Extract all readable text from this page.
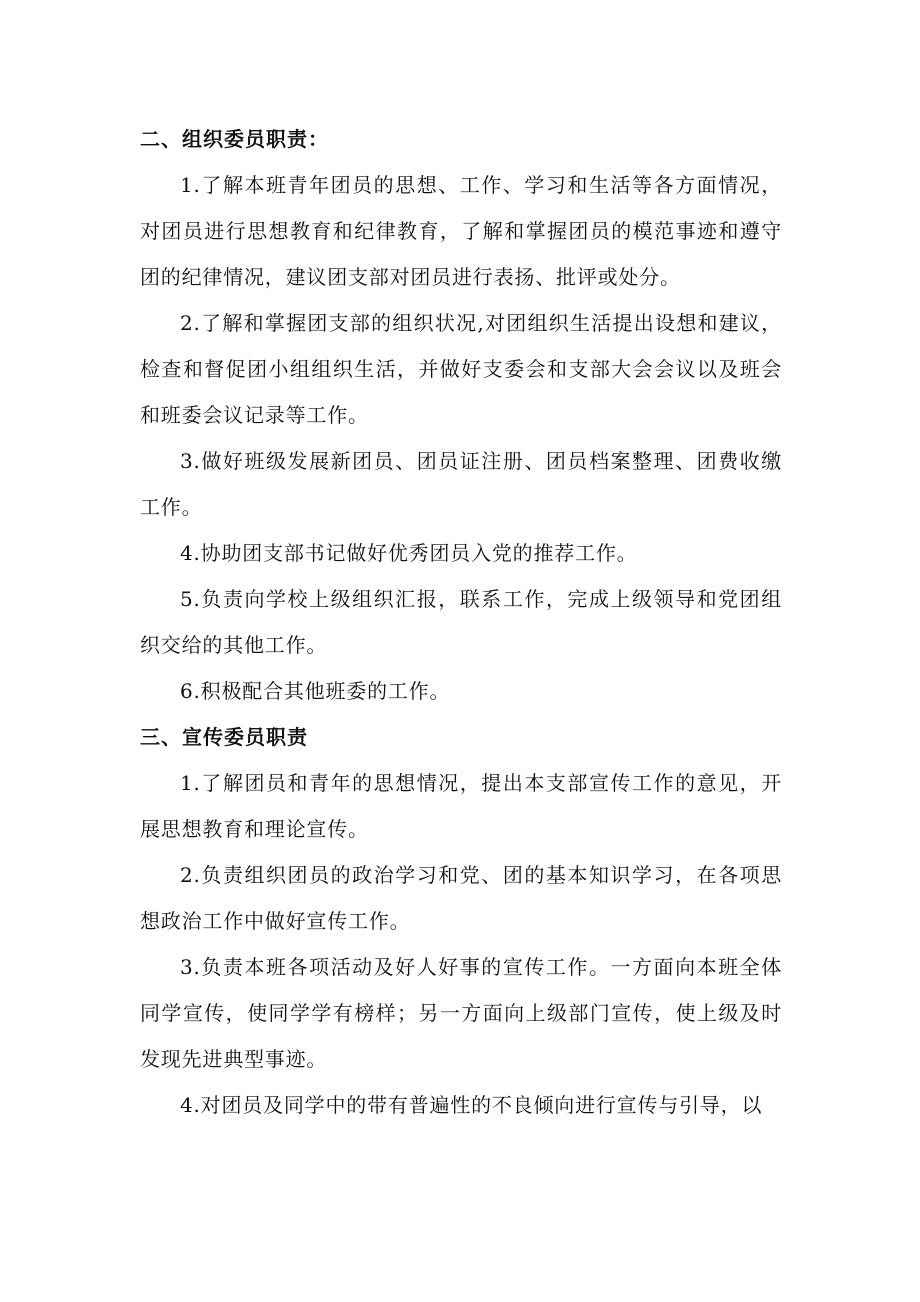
二、组织委员职责：

1.了解本班青年团员的思想、工作、学习和生活等各方面情况，对团员进行思想教育和纪律教育，了解和掌握团员的模范事迹和遵守团的纪律情况，建议团支部对团员进行表扬、批评或处分。

2.了解和掌握团支部的组织状况,对团组织生活提出设想和建议，检查和督促团小组组织生活，并做好支委会和支部大会会议以及班会和班委会议记录等工作。

3.做好班级发展新团员、团员证注册、团员档案整理、团费收缴工作。

4.协助团支部书记做好优秀团员入党的推荐工作。

5.负责向学校上级组织汇报，联系工作，完成上级领导和党团组织交给的其他工作。

6.积极配合其他班委的工作。

三、宣传委员职责

1.了解团员和青年的思想情况，提出本支部宣传工作的意见，开展思想教育和理论宣传。

2.负责组织团员的政治学习和党、团的基本知识学习，在各项思想政治工作中做好宣传工作。

3.负责本班各项活动及好人好事的宣传工作。一方面向本班全体同学宣传，使同学学有榜样；另一方面向上级部门宣传，使上级及时发现先进典型事迹。

4.对团员及同学中的带有普遍性的不良倾向进行宣传与引导，以
